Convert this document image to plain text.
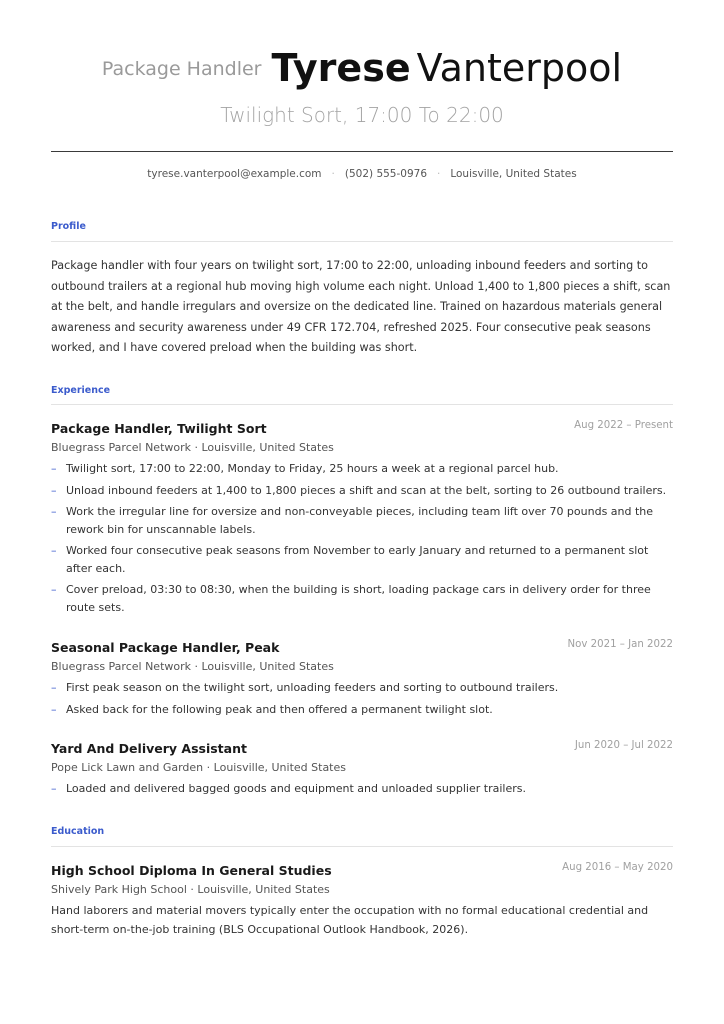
Package Handler Tyrese Vanterpool
Twilight Sort, 17:00 To 22:00
tyrese.vanterpool@example.com · (502) 555-0976 · Louisville, United States
Profile
Package handler with four years on twilight sort, 17:00 to 22:00, unloading inbound feeders and sorting to outbound trailers at a regional hub moving high volume each night. Unload 1,400 to 1,800 pieces a shift, scan at the belt, and handle irregulars and oversize on the dedicated line. Trained on hazardous materials general awareness and security awareness under 49 CFR 172.704, refreshed 2025. Four consecutive peak seasons worked, and I have covered preload when the building was short.
Experience
Package Handler, Twilight Sort	Aug 2022 – Present
Bluegrass Parcel Network · Louisville, United States
– Twilight sort, 17:00 to 22:00, Monday to Friday, 25 hours a week at a regional parcel hub.
– Unload inbound feeders at 1,400 to 1,800 pieces a shift and scan at the belt, sorting to 26 outbound trailers.
– Work the irregular line for oversize and non-conveyable pieces, including team lift over 70 pounds and the rework bin for unscannable labels.
– Worked four consecutive peak seasons from November to early January and returned to a permanent slot after each.
– Cover preload, 03:30 to 08:30, when the building is short, loading package cars in delivery order for three route sets.
Seasonal Package Handler, Peak	Nov 2021 – Jan 2022
Bluegrass Parcel Network · Louisville, United States
– First peak season on the twilight sort, unloading feeders and sorting to outbound trailers.
– Asked back for the following peak and then offered a permanent twilight slot.
Yard And Delivery Assistant	Jun 2020 – Jul 2022
Pope Lick Lawn and Garden · Louisville, United States
– Loaded and delivered bagged goods and equipment and unloaded supplier trailers.
Education
High School Diploma In General Studies	Aug 2016 – May 2020
Shively Park High School · Louisville, United States
Hand laborers and material movers typically enter the occupation with no formal educational credential and short-term on-the-job training (BLS Occupational Outlook Handbook, 2026).
